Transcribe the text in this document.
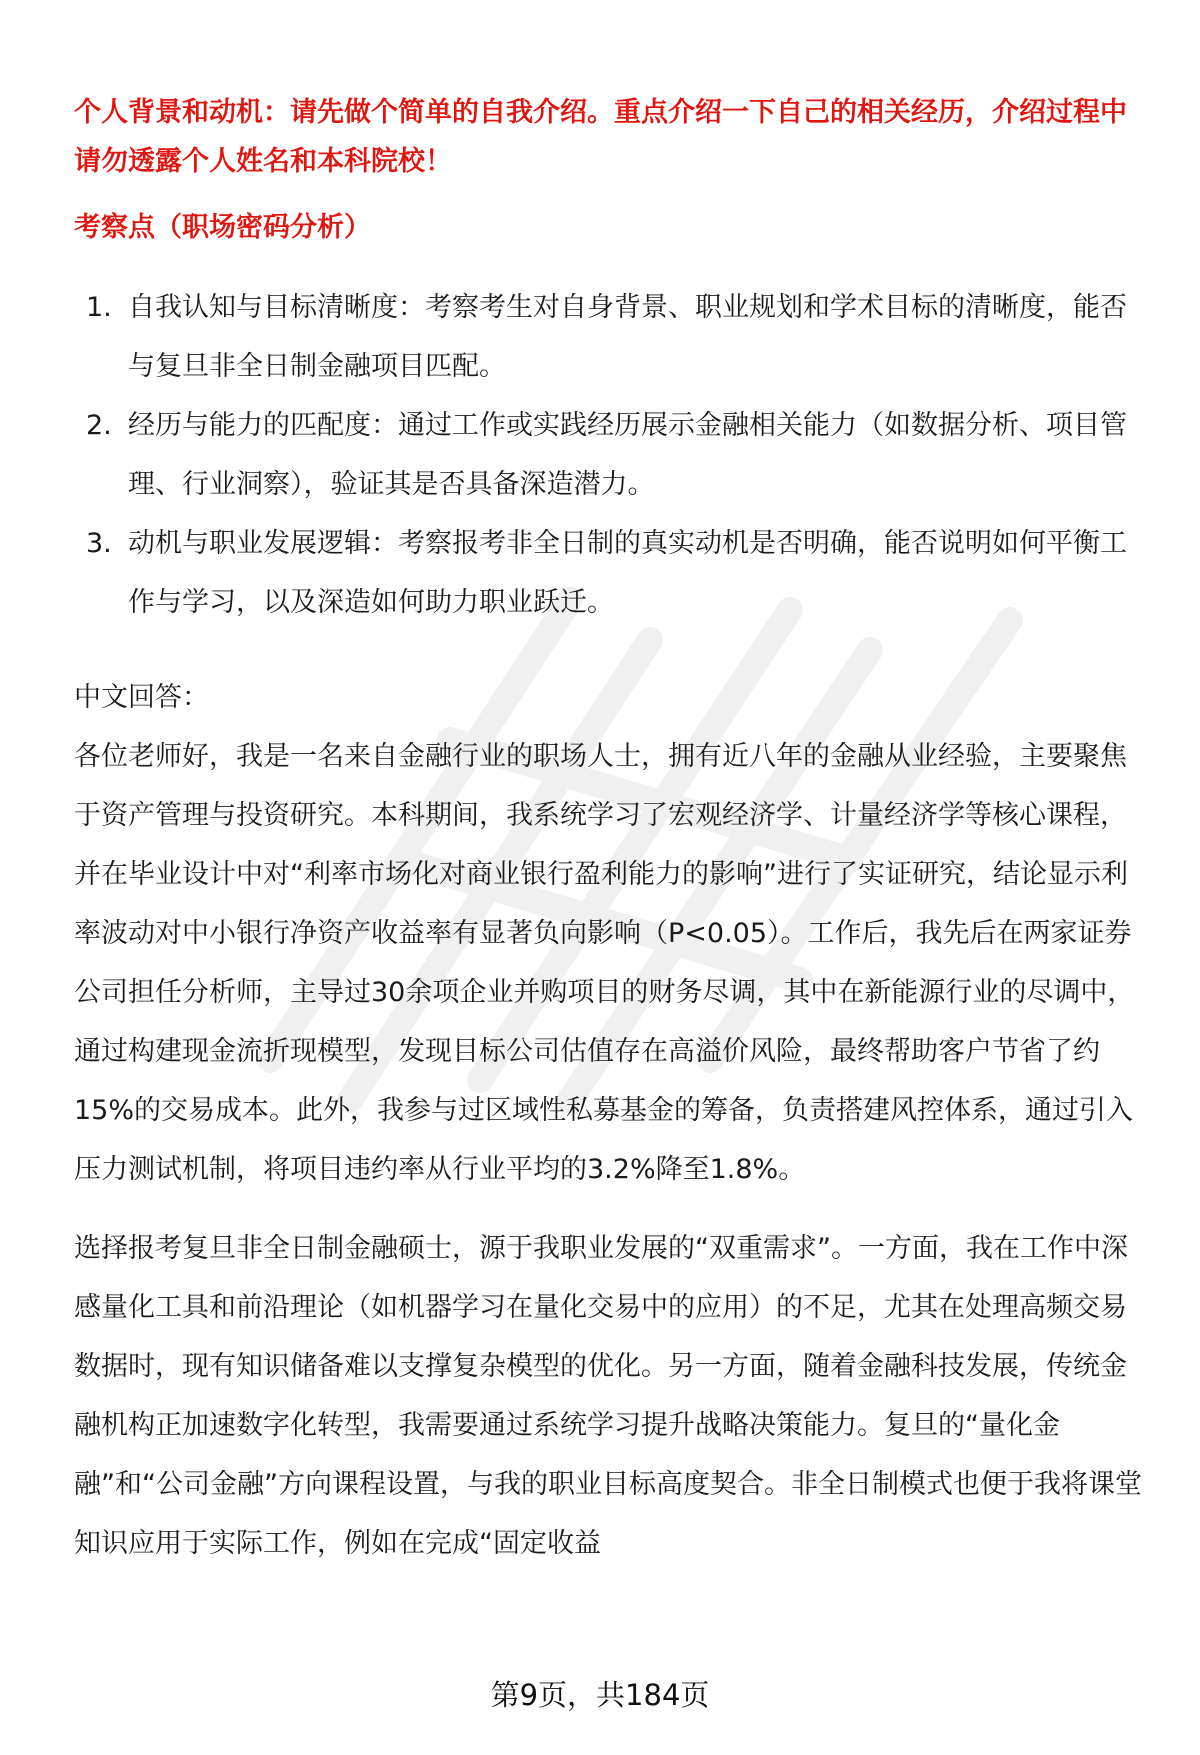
个人背景和动机：请先做个简单的自我介绍。重点介绍一下自己的相关经历，介绍过程中请勿透露个人姓名和本科院校！

考察点（职场密码分析）

1. 自我认知与目标清晰度：考察考生对自身背景、职业规划和学术目标的清晰度，能否与复旦非全日制金融项目匹配。
2. 经历与能力的匹配度：通过工作或实践经历展示金融相关能力（如数据分析、项目管理、行业洞察），验证其是否具备深造潜力。
3. 动机与职业发展逻辑：考察报考非全日制的真实动机是否明确，能否说明如何平衡工作与学习，以及深造如何助力职业跃迁。

中文回答：

各位老师好，我是一名来自金融行业的职场人士，拥有近八年的金融从业经验，主要聚焦于资产管理与投资研究。本科期间，我系统学习了宏观经济学、计量经济学等核心课程，并在毕业设计中对“利率市场化对商业银行盈利能力的影响”进行了实证研究，结论显示利率波动对中小银行净资产收益率有显著负向影响（P<0.05）。工作后，我先后在两家证券公司担任分析师，主导过30余项企业并购项目的财务尽调，其中在新能源行业的尽调中，通过构建现金流折现模型，发现目标公司估值存在高溢价风险，最终帮助客户节省了约15%的交易成本。此外，我参与过区域性私募基金的筹备，负责搭建风控体系，通过引入压力测试机制，将项目违约率从行业平均的3.2%降至1.8%。

选择报考复旦非全日制金融硕士，源于我职业发展的“双重需求”。一方面，我在工作中深感量化工具和前沿理论（如机器学习在量化交易中的应用）的不足，尤其在处理高频交易数据时，现有知识储备难以支撑复杂模型的优化。另一方面，随着金融科技发展，传统金融机构正加速数字化转型，我需要通过系统学习提升战略决策能力。复旦的“量化金融”和“公司金融”方向课程设置，与我的职业目标高度契合。非全日制模式也便于我将课堂知识应用于实际工作，例如在完成“固定收益

第9页，共184页
